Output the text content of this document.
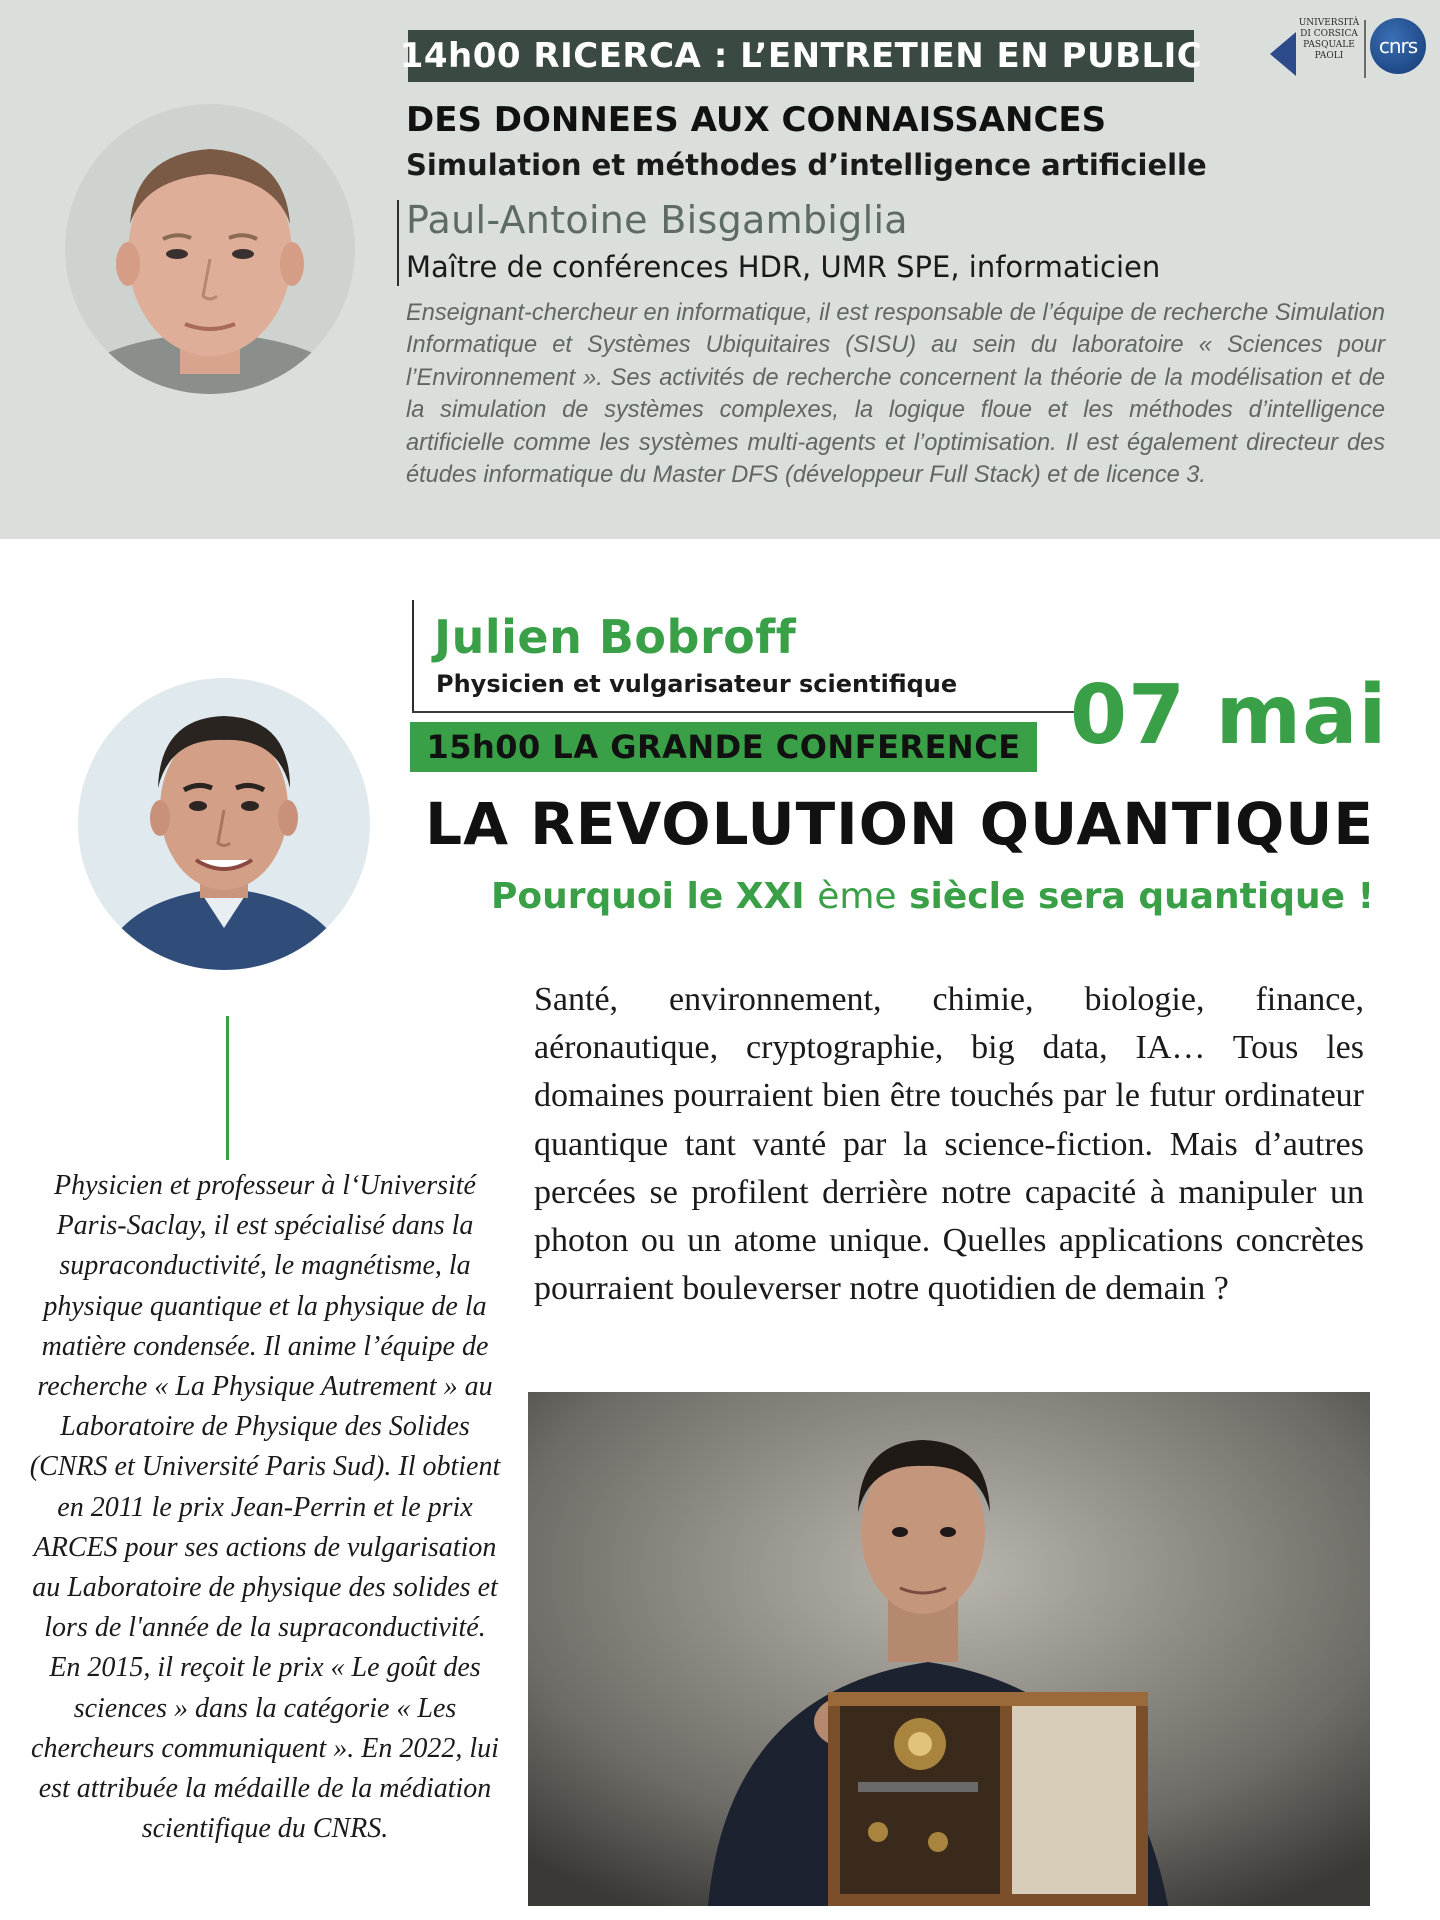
14h00 RICERCA : L’ENTRETIEN EN PUBLIC
UNIVERSITÀ DI CORSICA PASQUALE PAOLI	cnrs
DES DONNEES AUX CONNAISSANCES
Simulation et méthodes d’intelligence artificielle
Paul-Antoine Bisgambiglia
Maître de conférences HDR, UMR SPE, informaticien

Enseignant-chercheur en informatique, il est responsable de l’équipe de recherche Simulation Informatique et Systèmes Ubiquitaires (SISU) au sein du laboratoire « Sciences pour l’Environnement ». Ses activités de recherche concernent la théorie de la modélisation et de la simulation de systèmes complexes, la logique floue et les méthodes d’intelligence artificielle comme les systèmes multi-agents et l’optimisation. Il est également directeur des études informatique du Master DFS (développeur Full Stack) et de licence 3.

Julien Bobroff
Physicien et vulgarisateur scientifique
15h00 LA GRANDE CONFERENCE 07 mai
LA REVOLUTION QUANTIQUE
Pourquoi le XXI ème siècle sera quantique !

Santé, environnement, chimie, biologie, finance, aéronautique, cryptographie, big data, IA… Tous les domaines pourraient bien être touchés par le futur ordinateur quantique tant vanté par la science-fiction. Mais d’autres percées se profilent derrière notre capacité à manipuler un photon ou un atome unique. Quelles applications concrètes pourraient bouleverser notre quotidien de demain ?

Physicien et professeur à l‘Université Paris-Saclay, il est spécialisé dans la supraconductivité, le magnétisme, la physique quantique et la physique de la matière condensée. Il anime l’équipe de recherche « La Physique Autrement » au Laboratoire de Physique des Solides (CNRS et Université Paris Sud). Il obtient en 2011 le prix Jean-Perrin et le prix ARCES pour ses actions de vulgarisation au Laboratoire de physique des solides et lors de l'année de la supraconductivité. En 2015, il reçoit le prix « Le goût des sciences » dans la catégorie « Les chercheurs communiquent ». En 2022, lui est attribuée la médaille de la médiation scientifique du CNRS.
